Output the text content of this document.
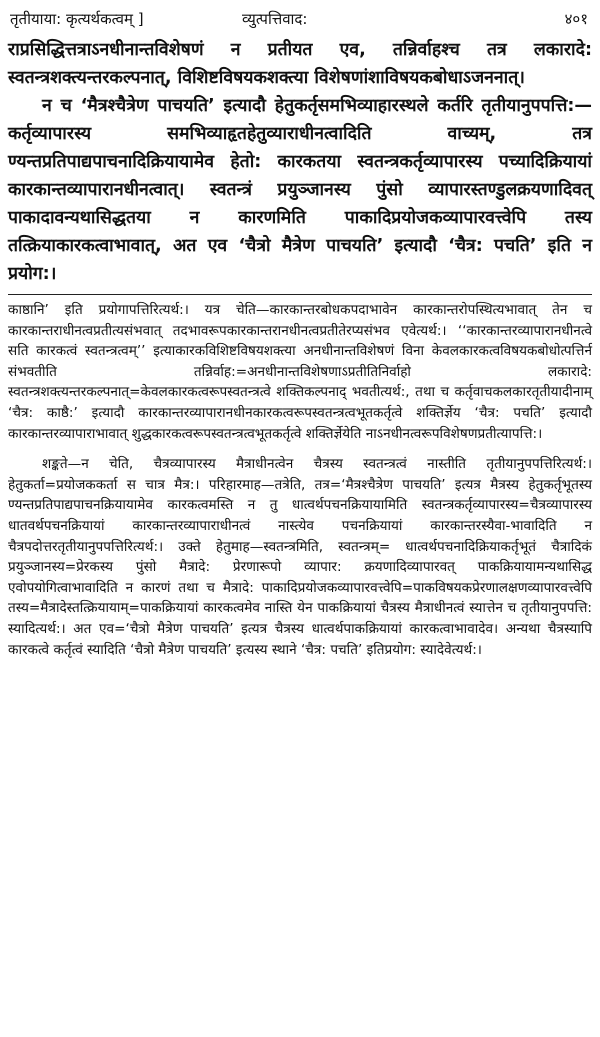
तृतीयाया: कृत्यर्थकत्वम् ]	व्युत्पत्तिवाद:	४०१

राप्रसिद्धित्तत्राऽनधीनान्तविशेषणं न प्रतीयत एव, तन्निर्वाहश्च तत्र लकारादे: स्वतन्त्रशक्त्यन्तरकल्पनात्, विशिष्टविषयकशक्त्या विशेषणांशाविषयकबोधाऽजननात्।

न च ‘मैत्रश्चैत्रेण पाचयति’ इत्यादौ हेतुकर्तृसमभिव्याहारस्थले कर्तरि तृतीयानुपपत्ति:—कर्तृव्यापारस्य समभिव्याहृतहेतुव्याराधीनत्वादिति वाच्यम्, तत्र ण्यन्तप्रतिपाद्यपाचनादिक्रियायामेव हेतो: कारकतया स्वतन्त्रकर्तृव्यापारस्य पच्यादिक्रियायां कारकान्तव्यापारानधीनत्वात्। स्वतन्त्रं प्रयुञ्जानस्य पुंसो व्यापारस्तण्डुलक्रयणादिवत् पाकादावन्यथासिद्धतया न कारणमिति पाकादिप्रयोजकव्यापारवत्त्वेपि तस्य तत्क्रियाकारकत्वाभावात्, अत एव ‘चैत्रो मैत्रेण पाचयति’ इत्यादौ ‘चैत्र: पचति’ इति न प्रयोग:।

काष्ठानि’ इति प्रयोगापत्तिरित्यर्थ:। यत्र चेति—कारकान्तरबोधकपदाभावेन कारकान्तरोपस्थित्यभावात् तेन च कारकान्तराधीनत्वप्रतीत्यसंभवात् तदभावरूपकारकान्तरानधीनत्वप्रतीतेरप्यसंभव एवेत्यर्थ:। ‘‘कारकान्तरव्यापारानधीनत्वे सति कारकत्वं स्वतन्त्रत्वम्’’ इत्याकारकविशिष्टविषयशक्त्या अनधीनान्तविशेषणं विना केवलकारकत्वविषयकबोधोत्पत्तिर्न संभवतीति तन्निर्वाह:=अनधीनान्तविशेषणाऽप्रतीतिनिर्वाहो लकारादे: स्वतन्त्रशक्त्यन्तरकल्पनात्=केवलकारकत्वरूपस्वतन्त्रत्वे शक्तिकल्पनाद् भवतीत्यर्थ:, तथा च कर्तृवाचकलकारतृतीयादीनाम् ‘चैत्र: काष्ठै:’ इत्यादौ कारकान्तरव्यापारानधीनकारकत्वरूपस्वतन्त्रत्वभूतकर्तृत्वे शक्तिर्ज्ञेय ‘चैत्र: पचति’ इत्यादौ कारकान्तरव्यापाराभावात् शुद्धकारकत्वरूपस्वतन्त्रत्वभूतकर्तृत्वे शक्तिर्ज्ञेयेति नाऽनधीनत्वरूपविशेषणप्रतीत्यापत्ति:।

शङ्कते—न चेति, चैत्रव्यापारस्य मैत्राधीनत्वेन चैत्रस्य स्वतन्त्रत्वं नास्तीति तृतीयानुपपत्तिरित्यर्थ:। हेतुकर्ता=प्रयोजककर्ता स चात्र मैत्र:। परिहारमाह—तत्रेति, तत्र=‘मैत्रश्चैत्रेण पाचयति’ इत्यत्र मैत्रस्य हेतुकर्तृभूतस्य ण्यन्तप्रतिपाद्यपाचनक्रियायामेव कारकत्वमस्ति न तु धात्वर्थपचनक्रियायामिति स्वतन्त्रकर्तृव्यापारस्य=चैत्रव्यापारस्य धातवर्थपचनक्रियायां कारकान्तरव्यापाराधीनत्वं नास्त्येव पचनक्रियायां कारकान्तरस्यैवा-भावादिति न चैत्रपदोत्तरतृतीयानुपपत्तिरित्यर्थ:। उक्ते हेतुमाह—स्वतन्त्रमिति, स्वतन्त्रम्= धात्वर्थपचनादिक्रियाकर्तृभूतं चैत्रादिकं प्रयुञ्जानस्य=प्रेरकस्य पुंसो मैत्रादे: प्रेरणारूपो व्यापार: क्रयणादिव्यापारवत् पाकक्रियायामन्यथासिद्ध एवोपयोगित्वाभावादिति न कारणं तथा च मैत्रादे: पाकादिप्रयोजकव्यापारवत्त्वेपि=पाकविषयकप्रेरणालक्षणव्यापारवत्त्वेपि तस्य=मैत्रादेस्तत्क्रियायाम्=पाकक्रियायां कारकत्वमेव नास्ति येन पाकक्रियायां चैत्रस्य मैत्राधीनत्वं स्यात्तेन च तृतीयानुपपत्ति: स्यादित्यर्थ:। अत एव=‘चैत्रो मैत्रेण पाचयति’ इत्यत्र चैत्रस्य धात्वर्थपाकक्रियायां कारकत्वाभावादेव। अन्यथा चैत्रस्यापि कारकत्वे कर्तृत्वं स्यादिति ‘चैत्रो मैत्रेण पाचयति’ इत्यस्य स्थाने ‘चैत्र: पचति’ इतिप्रयोग: स्यादेवेत्यर्थ:।
